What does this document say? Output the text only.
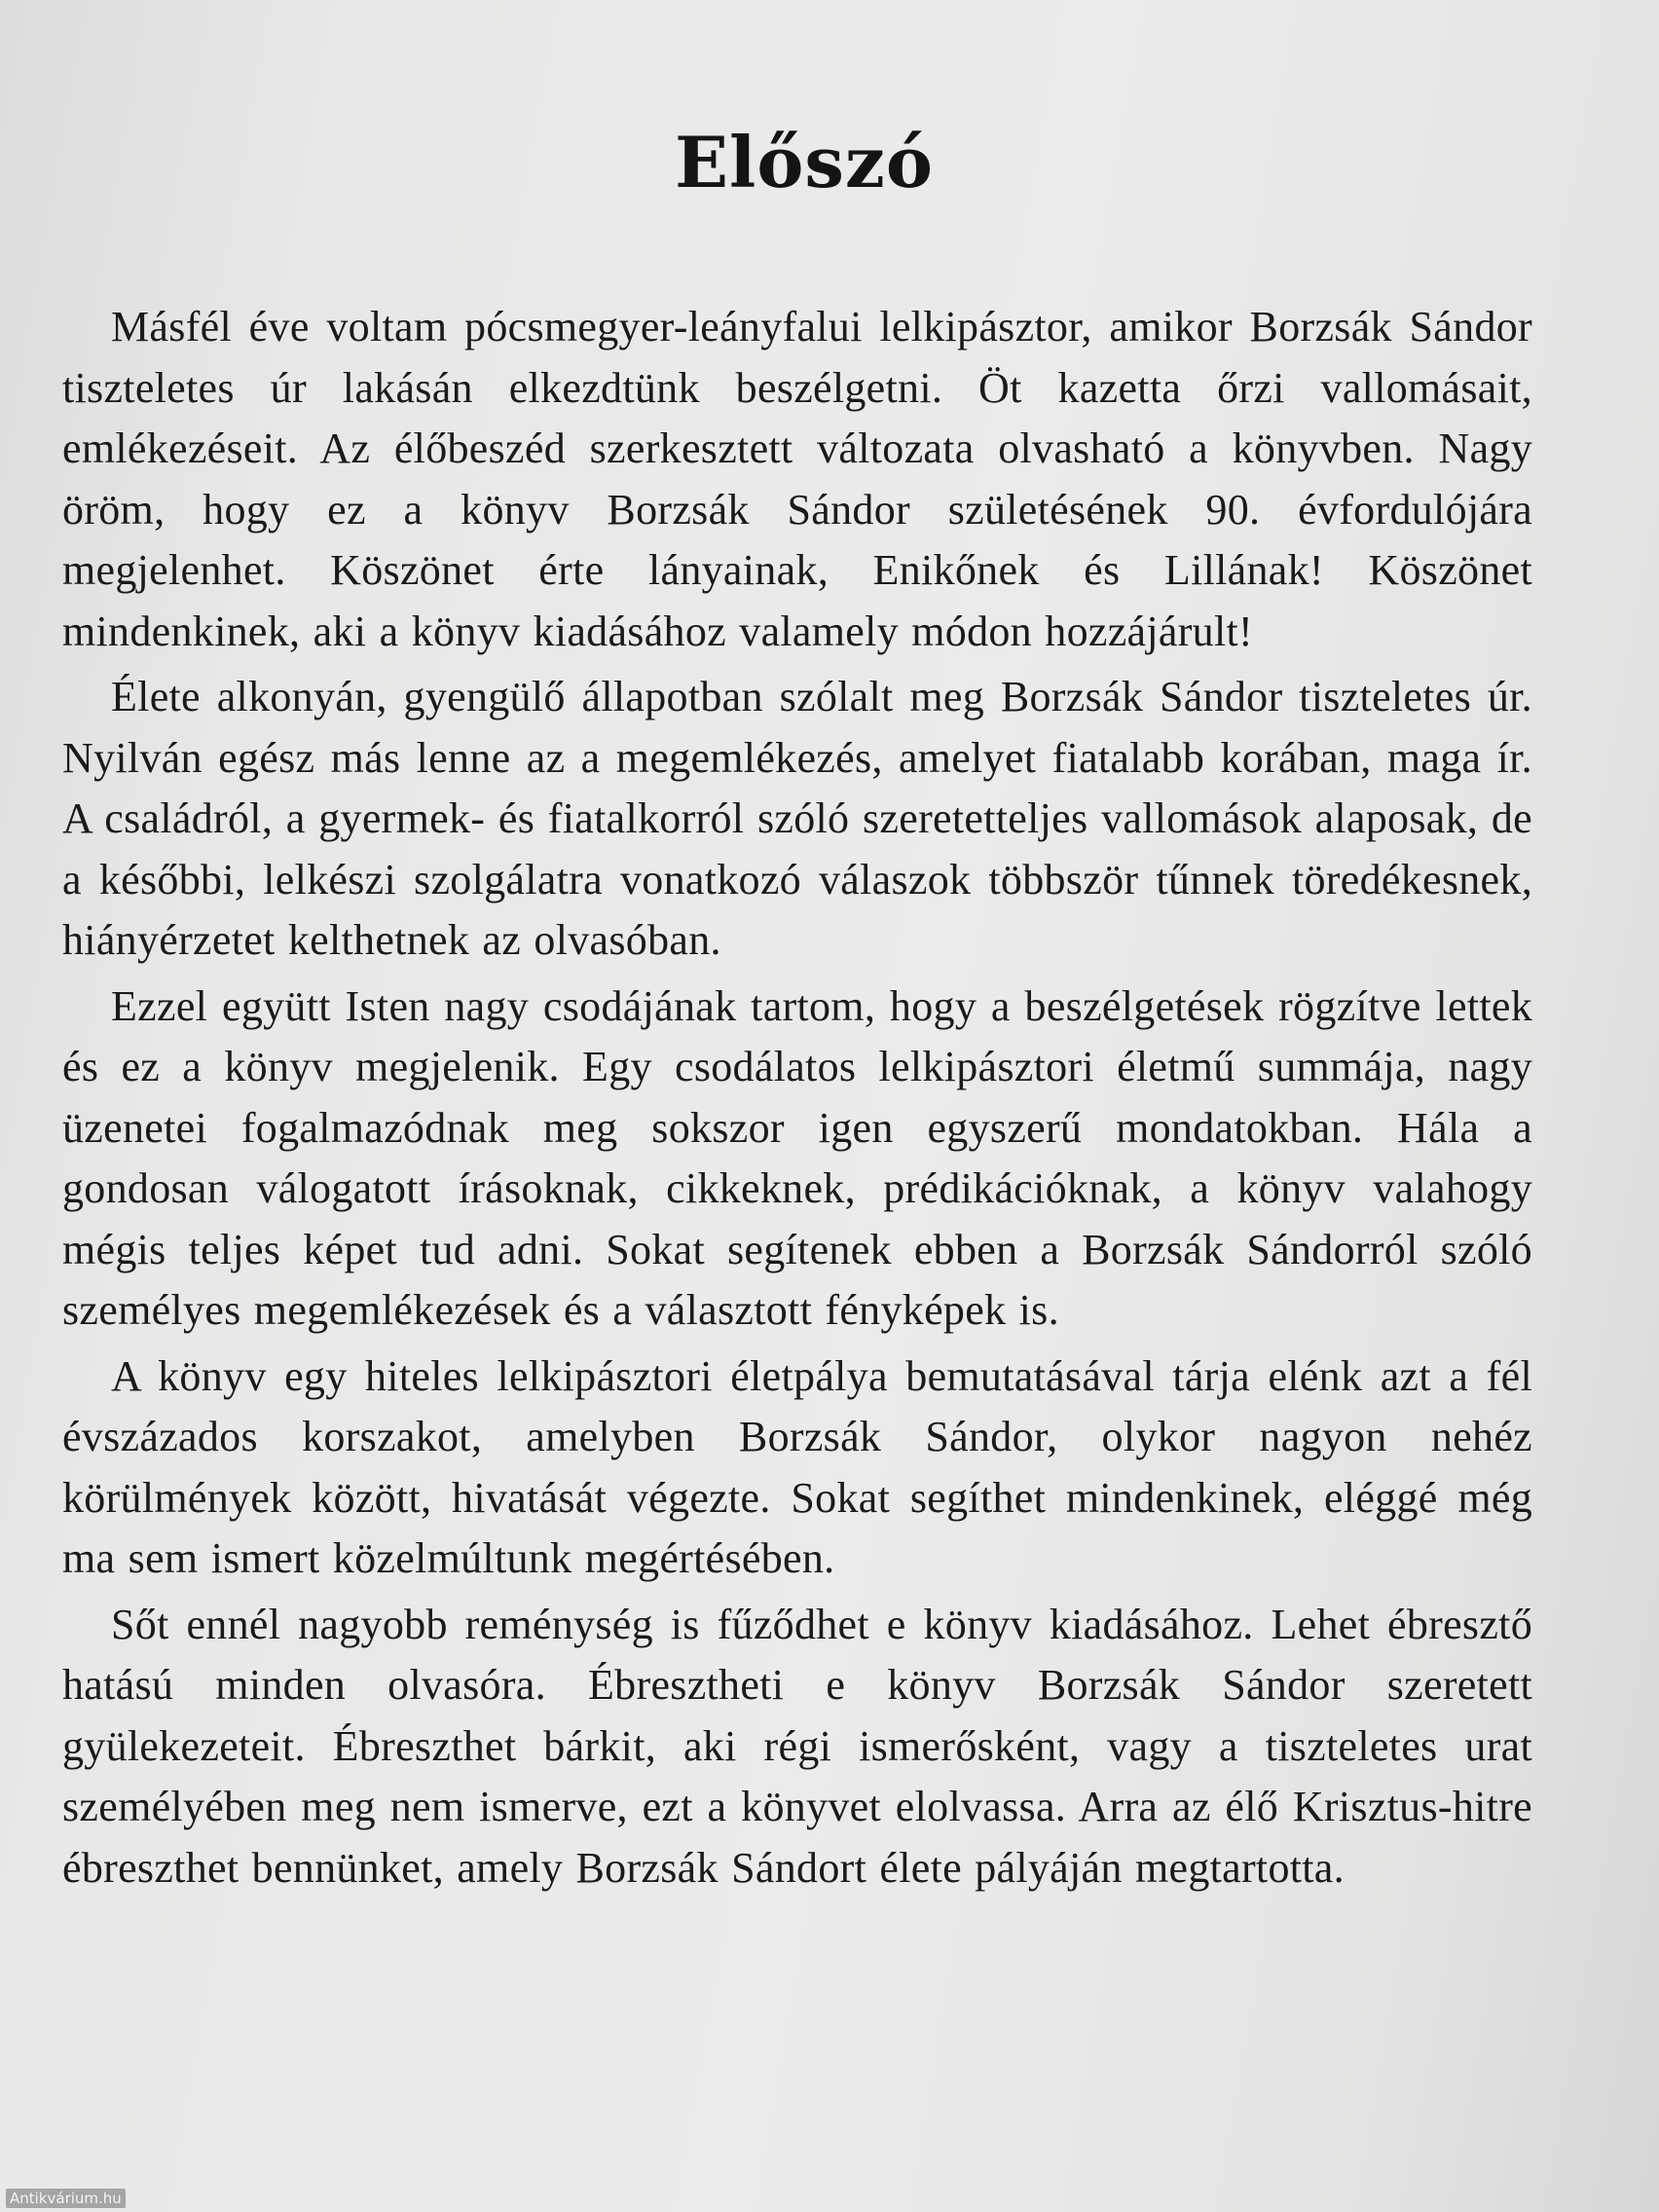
Előszó

Másfél éve voltam pócsmegyer-leányfalui lelkipásztor, amikor Borzsák Sándor tiszteletes úr lakásán elkezdtünk beszélgetni. Öt kazetta őrzi vallomásait, emlékezéseit. Az élőbeszéd szerkesztett változata olvasható a könyvben. Nagy öröm, hogy ez a könyv Borzsák Sándor születésének 90. évfordulójára megjelenhet. Köszönet érte lányainak, Enikőnek és Lillának! Köszönet mindenkinek, aki a könyv kiadásához valamely módon hozzájárult!

Élete alkonyán, gyengülő állapotban szólalt meg Borzsák Sándor tiszteletes úr. Nyilván egész más lenne az a megemlékezés, amelyet fiatalabb korában, maga ír. A családról, a gyermek- és fiatalkorról szóló szeretetteljes vallomások alaposak, de a későbbi, lelkészi szolgálatra vonatkozó válaszok többször tűnnek töredékesnek, hiányérzetet kelthetnek az olvasóban.

Ezzel együtt Isten nagy csodájának tartom, hogy a beszélgetések rögzítve lettek és ez a könyv megjelenik. Egy csodálatos lelkipásztori életmű summája, nagy üzenetei fogalmazódnak meg sokszor igen egyszerű mondatokban. Hála a gondosan válogatott írásoknak, cikkeknek, prédikációknak, a könyv valahogy mégis teljes képet tud adni. Sokat segítenek ebben a Borzsák Sándorról szóló személyes megemlékezések és a választott fényképek is.

A könyv egy hiteles lelkipásztori életpálya bemutatásával tárja elénk azt a fél évszázados korszakot, amelyben Borzsák Sándor, olykor nagyon nehéz körülmények között, hivatását végezte. Sokat segíthet mindenkinek, eléggé még ma sem ismert közelmúltunk megértésében.

Sőt ennél nagyobb reménység is fűződhet e könyv kiadásához. Lehet ébresztő hatású minden olvasóra. Ébresztheti e könyv Borzsák Sándor szeretett gyülekezeteit. Ébreszthet bárkit, aki régi ismerősként, vagy a tiszteletes urat személyében meg nem ismerve, ezt a könyvet elolvassa. Arra az élő Krisztus-hitre ébreszthet bennünket, amely Borzsák Sándort élete pályáján megtartotta.

Antikvárium.hu
